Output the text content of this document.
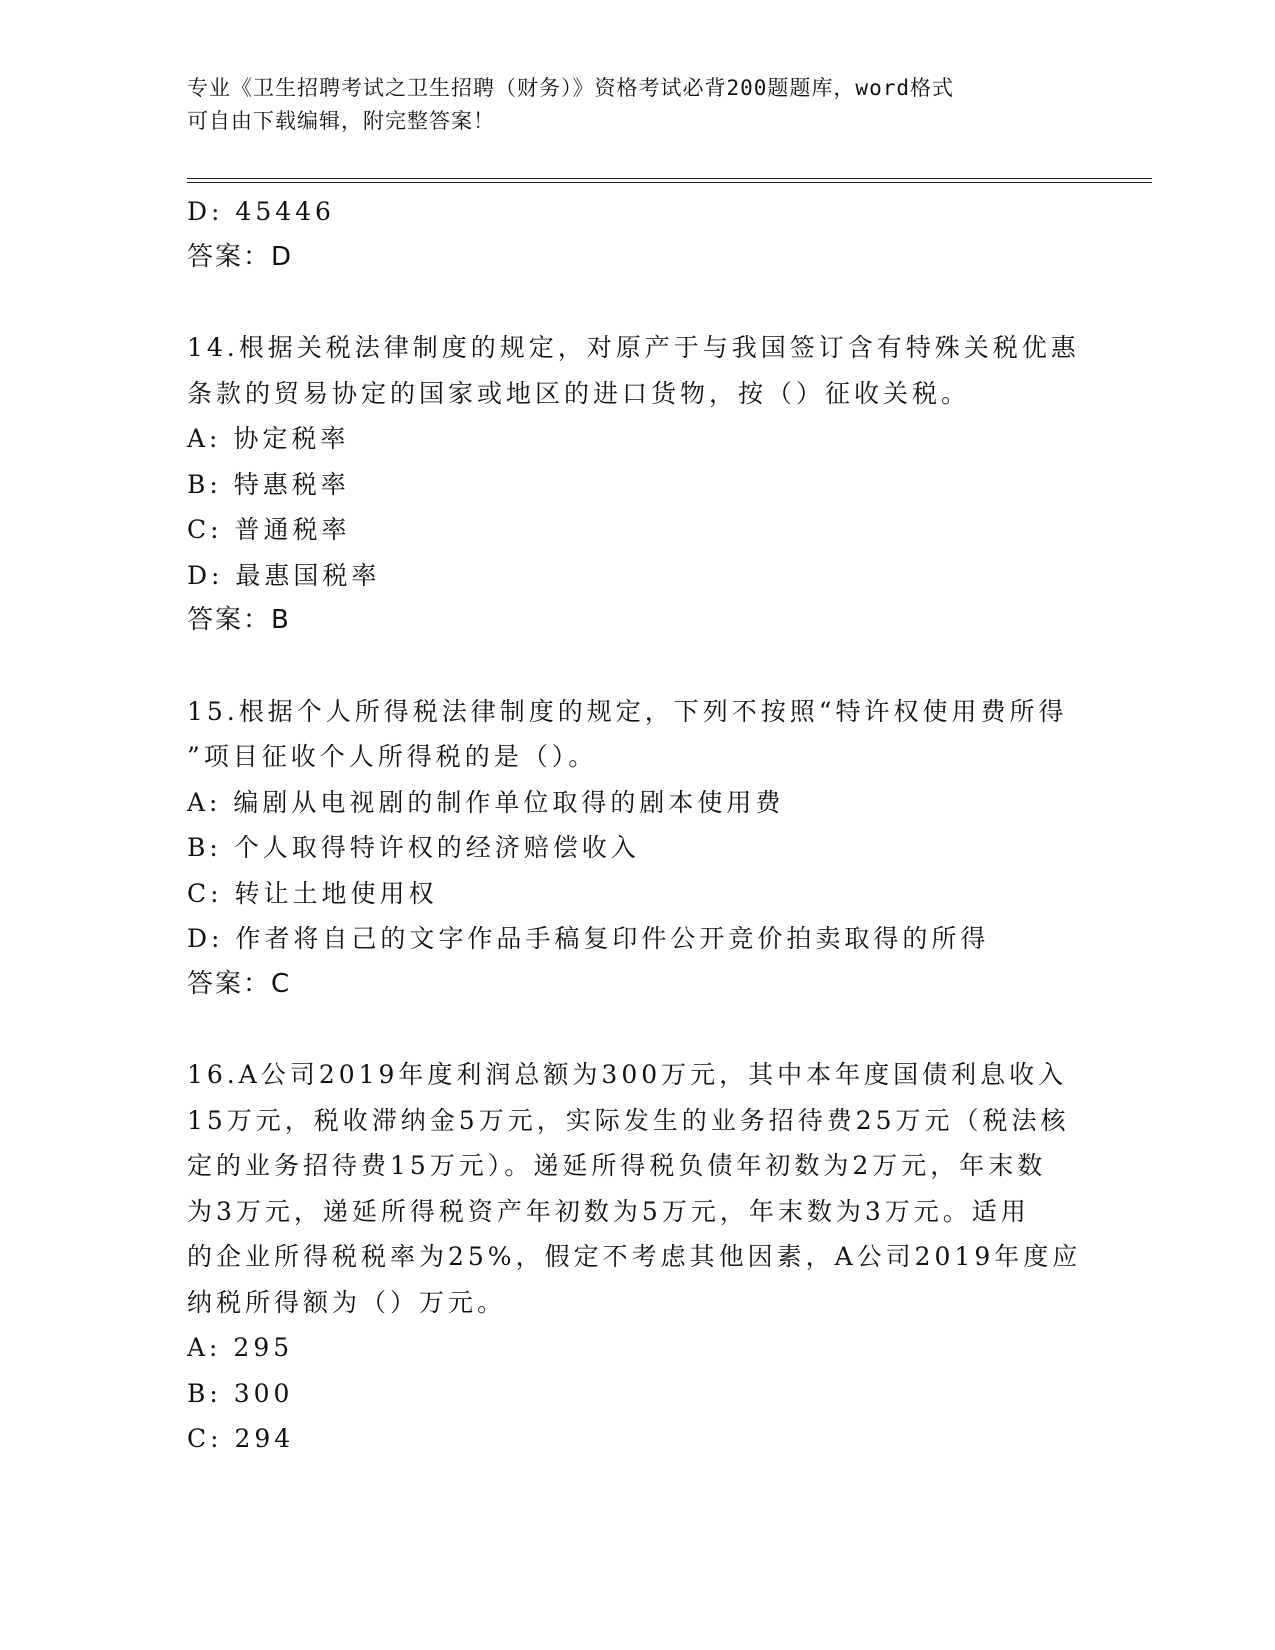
专业《卫生招聘考试之卫生招聘（财务）》资格考试必背200题题库，word格式
可自由下载编辑，附完整答案！
D: 45446
答案：D
14.根据关税法律制度的规定，对原产于与我国签订含有特殊关税优惠
条款的贸易协定的国家或地区的进口货物，按（）征收关税。
A: 协定税率
B: 特惠税率
C: 普通税率
D: 最惠国税率
答案：B
15.根据个人所得税法律制度的规定，下列不按照“特许权使用费所得
”项目征收个人所得税的是（）。
A: 编剧从电视剧的制作单位取得的剧本使用费
B: 个人取得特许权的经济赔偿收入
C: 转让土地使用权
D: 作者将自己的文字作品手稿复印件公开竞价拍卖取得的所得
答案：C
16.A公司2019年度利润总额为300万元，其中本年度国债利息收入
15万元，税收滞纳金5万元，实际发生的业务招待费25万元（税法核
定的业务招待费15万元）。递延所得税负债年初数为2万元，年末数
为3万元，递延所得税资产年初数为5万元，年末数为3万元。适用
的企业所得税税率为25%，假定不考虑其他因素，A公司2019年度应
纳税所得额为（）万元。
A: 295
B: 300
C: 294
